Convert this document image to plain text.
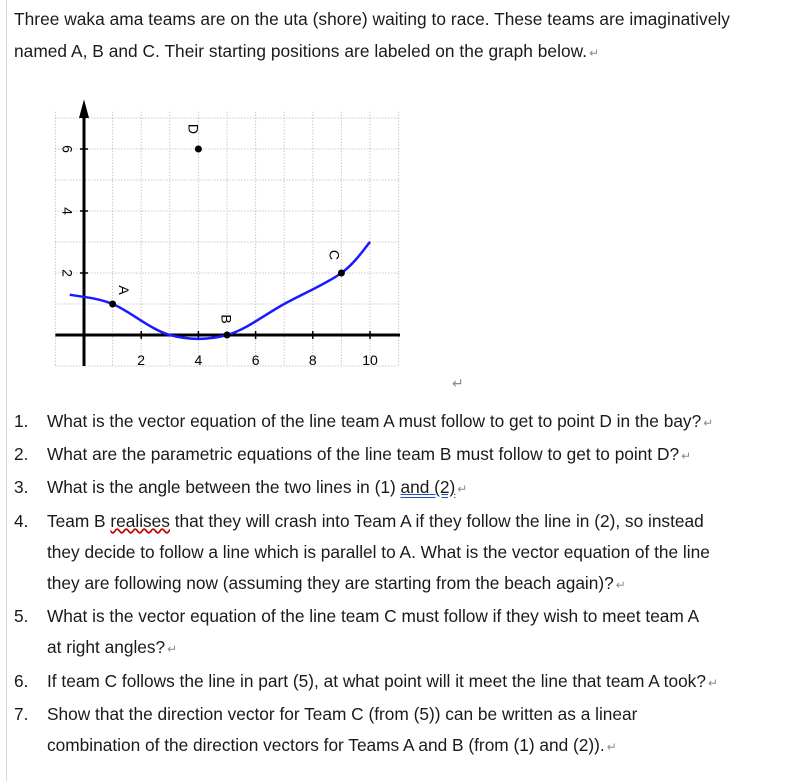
Three waka ama teams are on the uta (shore) waiting to race. These teams are imaginatively
named A, B and C. Their starting positions are labeled on the graph below. ↵
2	4	6	8	10
2
4
6
A
B
C
D
↵
1.	What is the vector equation of the line team A must follow to get to point D in the bay? ↵
2.	What are the parametric equations of the line team B must follow to get to point D? ↵
3.	What is the angle between the two lines in (1) and (2) ↵
4.	Team B realises that they will crash into Team A if they follow the line in (2), so instead
they decide to follow a line which is parallel to A. What is the vector equation of the line
they are following now (assuming they are starting from the beach again)? ↵
5.	What is the vector equation of the line team C must follow if they wish to meet team A
at right angles? ↵
6.	If team C follows the line in part (5), at what point will it meet the line that team A took? ↵
7.	Show that the direction vector for Team C (from (5)) can be written as a linear
combination of the direction vectors for Teams A and B (from (1) and (2)). ↵
